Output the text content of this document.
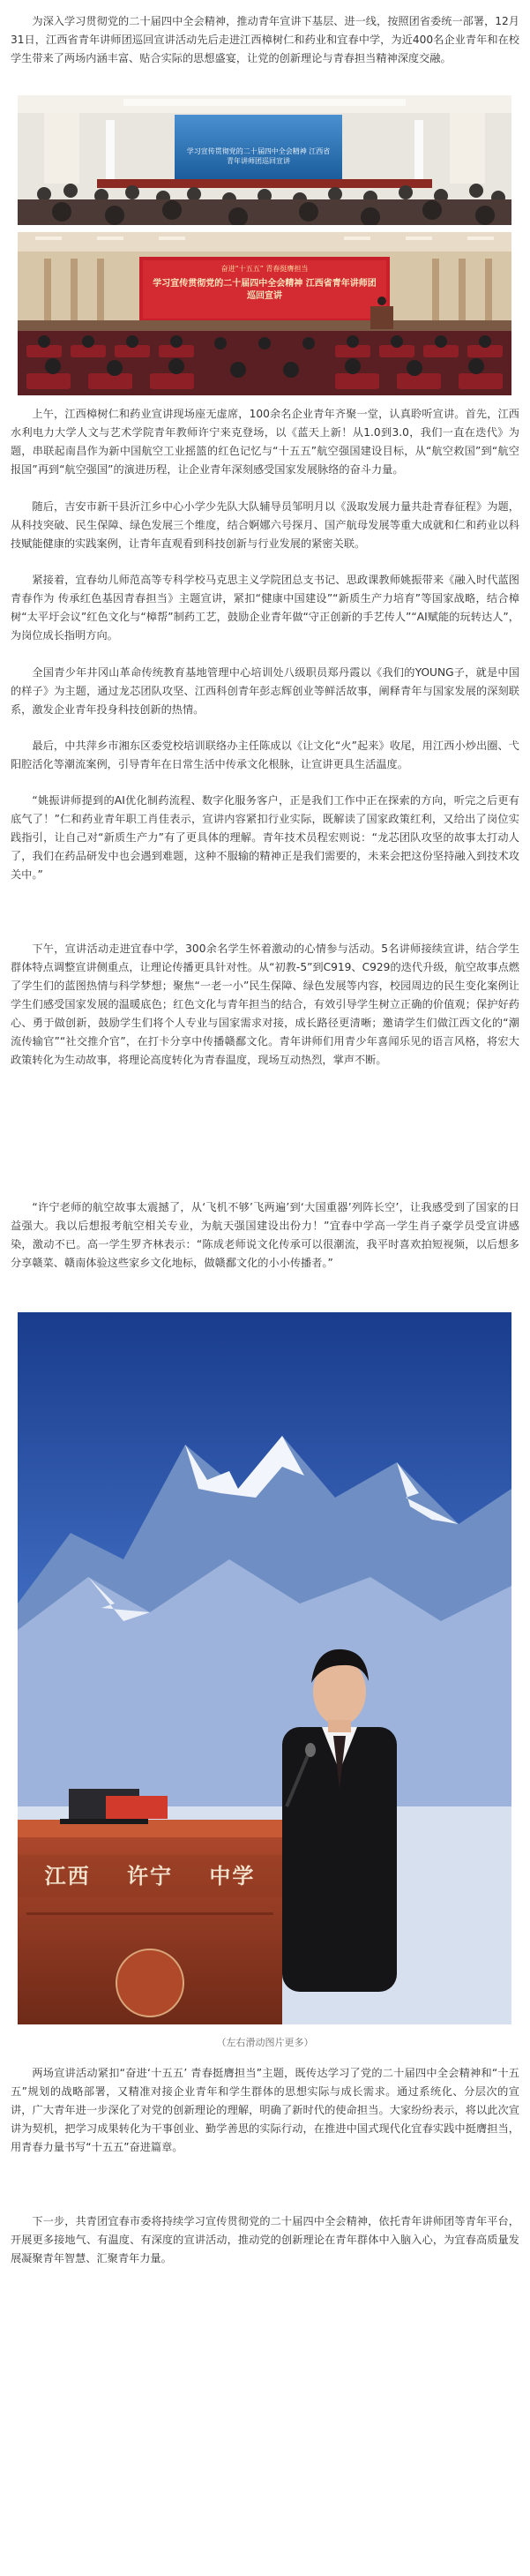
为深入学习贯彻党的二十届四中全会精神，推动青年宣讲下基层、进一线，按照团省委统一部署，12月31日，江西省青年讲师团巡回宣讲活动先后走进江西樟树仁和药业和宜春中学，为近400名企业青年和在校学生带来了两场内涵丰富、贴合实际的思想盛宴，让党的创新理论与青春担当精神深度交融。

学习宣传贯彻党的二十届四中全会精神 江西省青年讲师团巡回宣讲
奋进“十五五” 青春挺膺担当
学习宣传贯彻党的二十届四中全会精神 江西省青年讲师团巡回宣讲

上午，江西樟树仁和药业宣讲现场座无虚席，100余名企业青年齐聚一堂，认真聆听宣讲。首先，江西水利电力大学人文与艺术学院青年教师许宁来克登场，以《蓝天上新！从1.0到3.0，我们一直在迭代》为题，串联起南昌作为新中国航空工业摇篮的红色记忆与“十五五”航空强国建设目标，从“航空救国”到“航空报国”再到“航空强国”的演进历程，让企业青年深刻感受国家发展脉络的奋斗力量。

随后，吉安市新干县沂江乡中心小学少先队大队辅导员邹明月以《汲取发展力量共赴青春征程》为题，从科技突破、民生保障、绿色发展三个维度，结合婀娜六号探月、国产航母发展等重大成就和仁和药业以科技赋能健康的实践案例，让青年直观看到科技创新与行业发展的紧密关联。

紧接着，宜春幼儿师范高等专科学校马克思主义学院团总支书记、思政课教师姚振带来《融入时代蓝图青春作为 传承红色基因青春担当》主题宣讲，紧扣“健康中国建设”“新质生产力培育”等国家战略，结合樟树“太平圩会议”红色文化与“樟帮”制药工艺，鼓励企业青年做“守正创新的手艺传人”“AI赋能的玩转达人”，为岗位成长指明方向。

全国青少年井冈山革命传统教育基地管理中心培训处八级职员郑丹霞以《我们的YOUNG子，就是中国的样子》为主题，通过龙芯团队攻坚、江西科创青年彭志辉创业等鲜活故事，阐释青年与国家发展的深刻联系，激发企业青年投身科技创新的热情。

最后，中共萍乡市湘东区委党校培训联络办主任陈成以《让文化“火”起来》收尾，用江西小炒出圈、弋阳腔活化等潮流案例，引导青年在日常生活中传承文化根脉，让宣讲更具生活温度。

“姚振讲师提到的AI优化制药流程、数字化服务客户，正是我们工作中正在探索的方向，听完之后更有底气了！”仁和药业青年职工肖佳表示，宣讲内容紧扣行业实际，既解读了国家政策红利，又给出了岗位实践指引，让自己对“新质生产力”有了更具体的理解。青年技术员程宏则说：“龙芯团队攻坚的故事太打动人了，我们在药品研发中也会遇到难题，这种不服输的精神正是我们需要的，未来会把这份坚持融入到技术攻关中。”

下午，宣讲活动走进宜春中学，300余名学生怀着激动的心情参与活动。5名讲师接续宣讲，结合学生群体特点调整宣讲侧重点，让理论传播更具针对性。从“初教-5”到C919、C929的迭代升级，航空故事点燃了学生们的蓝图热情与科学梦想；聚焦“一老一小”民生保障、绿色发展等内容，校园周边的民生变化案例让学生们感受国家发展的温暖底色；红色文化与青年担当的结合，有效引导学生树立正确的价值观；保护好药心、勇于做创新，鼓励学生们将个人专业与国家需求对接，成长路径更清晰；邀请学生们做江西文化的“潮流传输官”“社交推介官”，在打卡分享中传播赣鄱文化。青年讲师们用青少年喜闻乐见的语言风格，将宏大政策转化为生动故事，将理论高度转化为青春温度，现场互动热烈，掌声不断。

“许宁老师的航空故事太震撼了，从‘飞机不够’飞两遍’到‘大国重器’列阵长空’，让我感受到了国家的日益强大。我以后想报考航空相关专业，为航天强国建设出份力！”宜春中学高一学生肖子豪学员受宣讲感染，激动不已。高一学生罗齐林表示：“陈成老师说文化传承可以很潮流，我平时喜欢拍短视频，以后想多分享赣菜、赣南体验这些家乡文化地标，做赣鄱文化的小小传播者。”

江西    许宁    中学
（左右滑动图片更多）

两场宣讲活动紧扣“奋进‘十五五’ 青春挺膺担当”主题，既传达学习了党的二十届四中全会精神和“十五五”规划的战略部署，又精准对接企业青年和学生群体的思想实际与成长需求。通过系统化、分层次的宣讲，广大青年进一步深化了对党的创新理论的理解，明确了新时代的使命担当。大家纷纷表示，将以此次宣讲为契机，把学习成果转化为干事创业、勤学善思的实际行动，在推进中国式现代化宜春实践中挺膺担当，用青春力量书写“十五五”奋进篇章。

下一步，共青团宜春市委将持续学习宣传贯彻党的二十届四中全会精神，依托青年讲师团等青年平台，开展更多接地气、有温度、有深度的宣讲活动，推动党的创新理论在青年群体中入脑入心，为宜春高质量发展凝聚青年智慧、汇聚青年力量。
